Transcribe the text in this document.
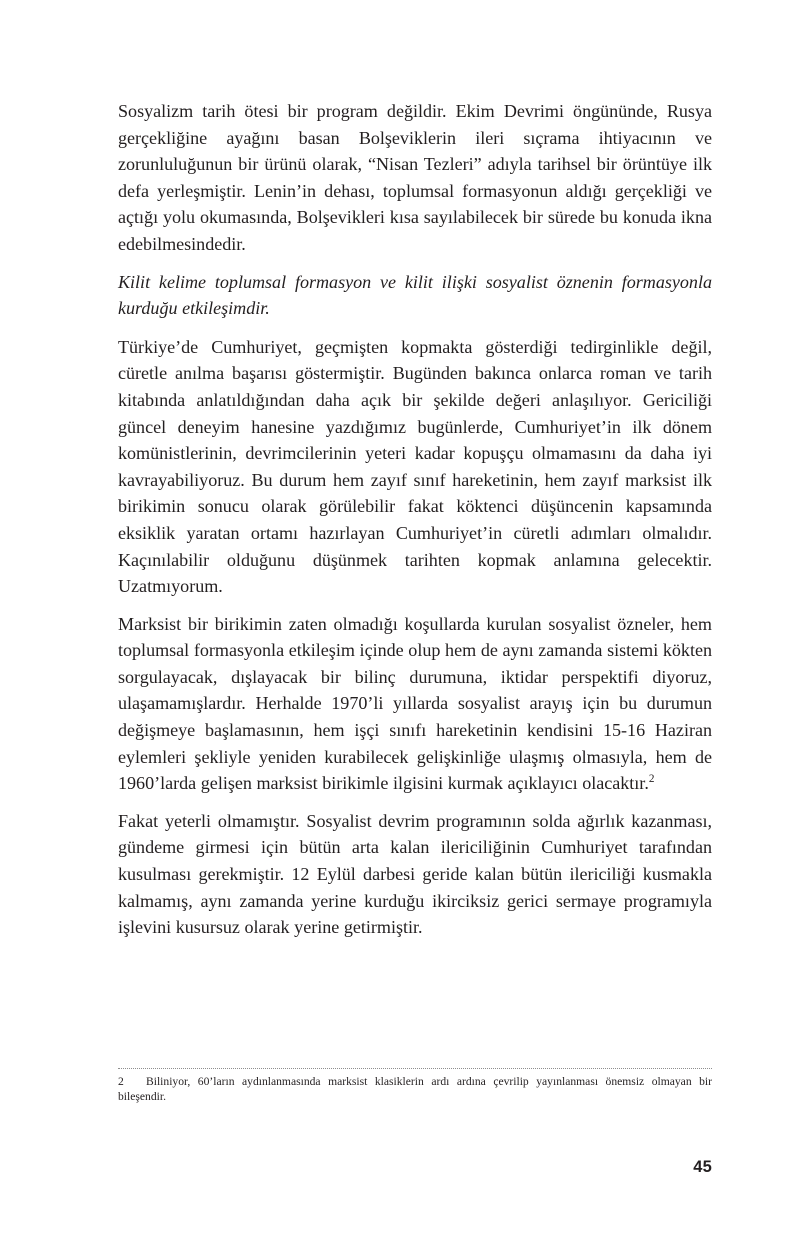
Sosyalizm tarih ötesi bir program değildir. Ekim Devrimi öngününde, Rusya gerçekliğine ayağını basan Bolşeviklerin ileri sıçrama ihtiyacının ve zorunluluğunun bir ürünü olarak, “Nisan Tezleri” adıyla tarihsel bir örüntüye ilk defa yerleşmiştir. Lenin’in dehası, toplumsal formasyonun aldığı gerçekliği ve açtığı yolu okumasında, Bolşevikleri kısa sayılabilecek bir sürede bu konuda ikna edebilmesindedir.

Kilit kelime toplumsal formasyon ve kilit ilişki sosyalist öznenin formasyonla kurduğu etkileşimdir.

Türkiye’de Cumhuriyet, geçmişten kopmakta gösterdiği tedirginlikle değil, cüretle anılma başarısı göstermiştir. Bugünden bakınca onlarca roman ve tarih kitabında anlatıldığından daha açık bir şekilde değeri anlaşılıyor. Gericiliği güncel deneyim hanesine yazdığımız bugünlerde, Cumhuriyet’in ilk dönem komünistlerinin, devrimcilerinin yeteri kadar kopuşçu olmamasını da daha iyi kavrayabiliyoruz. Bu durum hem zayıf sınıf hareketinin, hem zayıf marksist ilk birikimin sonucu olarak görülebilir fakat köktenci düşüncenin kapsamında eksiklik yaratan ortamı hazırlayan Cumhuriyet’in cüretli adımları olmalıdır. Kaçınılabilir olduğunu düşünmek tarihten kopmak anlamına gelecektir. Uzatmıyorum.

Marksist bir birikimin zaten olmadığı koşullarda kurulan sosyalist özneler, hem toplumsal formasyonla etkileşim içinde olup hem de aynı zamanda sistemi kökten sorgulayacak, dışlayacak bir bilinç durumuna, iktidar perspektifi diyoruz, ulaşamamışlardır. Herhalde 1970’li yıllarda sosyalist arayış için bu durumun değişmeye başlamasının, hem işçi sınıfı hareketinin kendisini 15-16 Haziran eylemleri şekliyle yeniden kurabilecek gelişkinliğe ulaşmış olmasıyla, hem de 1960’larda gelişen marksist birikimle ilgisini kurmak açıklayıcı olacaktır.$^2$

Fakat yeterli olmamıştır. Sosyalist devrim programının solda ağırlık kazanması, gündeme girmesi için bütün arta kalan ilericiliğinin Cumhuriyet tarafından kusulması gerekmiştir. 12 Eylül darbesi geride kalan bütün ilericiliği kusmakla kalmamış, aynı zamanda yerine kurduğu ikirciksiz gerici sermaye programıyla işlevini kusursuz olarak yerine getirmiştir.

2 Biliniyor, 60’ların aydınlanmasında marksist klasiklerin ardı ardına çevrilip yayınlanması önemsiz olmayan bir bileşendir.

45
